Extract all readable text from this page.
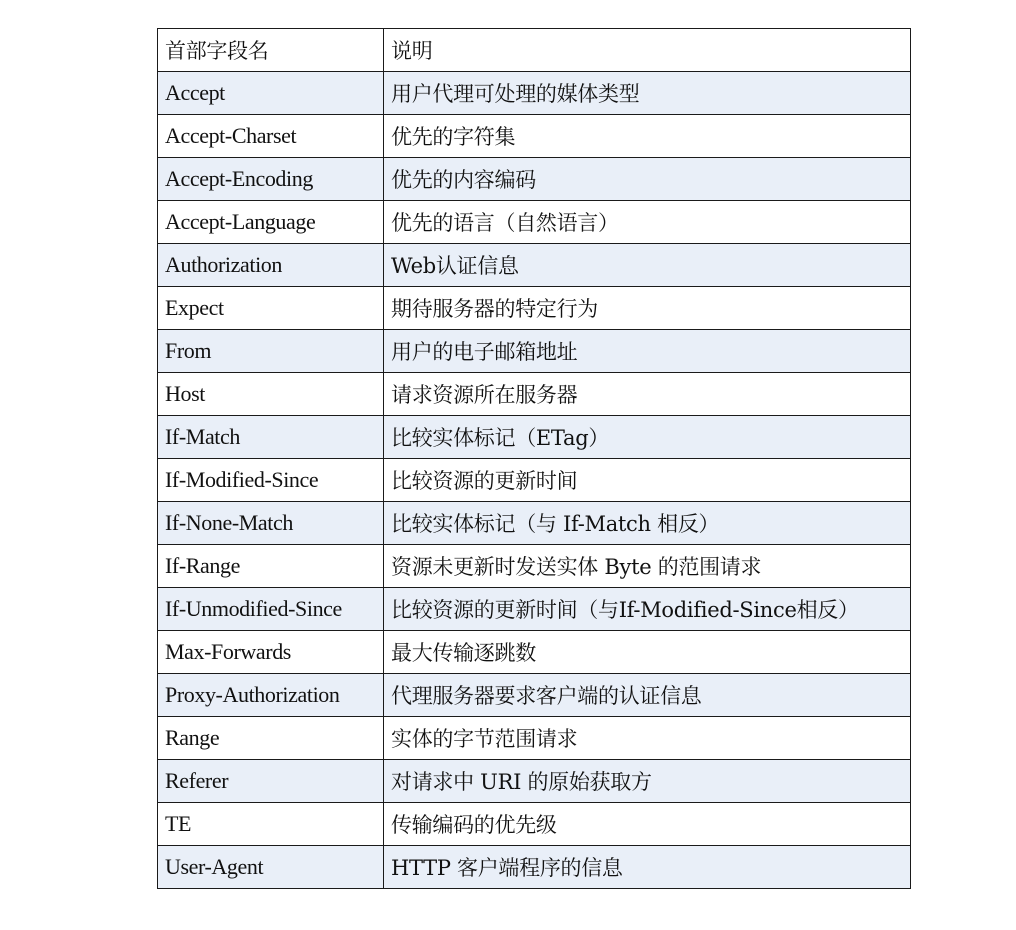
首部字段名	说明
Accept	用户代理可处理的媒体类型
Accept-Charset	优先的字符集
Accept-Encoding	优先的内容编码
Accept-Language	优先的语言（自然语言）
Authorization	Web认证信息
Expect	期待服务器的特定行为
From	用户的电子邮箱地址
Host	请求资源所在服务器
If-Match	比较实体标记（ETag）
If-Modified-Since	比较资源的更新时间
If-None-Match	比较实体标记（与 If-Match 相反）
If-Range	资源未更新时发送实体 Byte 的范围请求
If-Unmodified-Since	比较资源的更新时间（与If-Modified-Since相反）
Max-Forwards	最大传输逐跳数
Proxy-Authorization	代理服务器要求客户端的认证信息
Range	实体的字节范围请求
Referer	对请求中 URI 的原始获取方
TE	传输编码的优先级
User-Agent	HTTP 客户端程序的信息
